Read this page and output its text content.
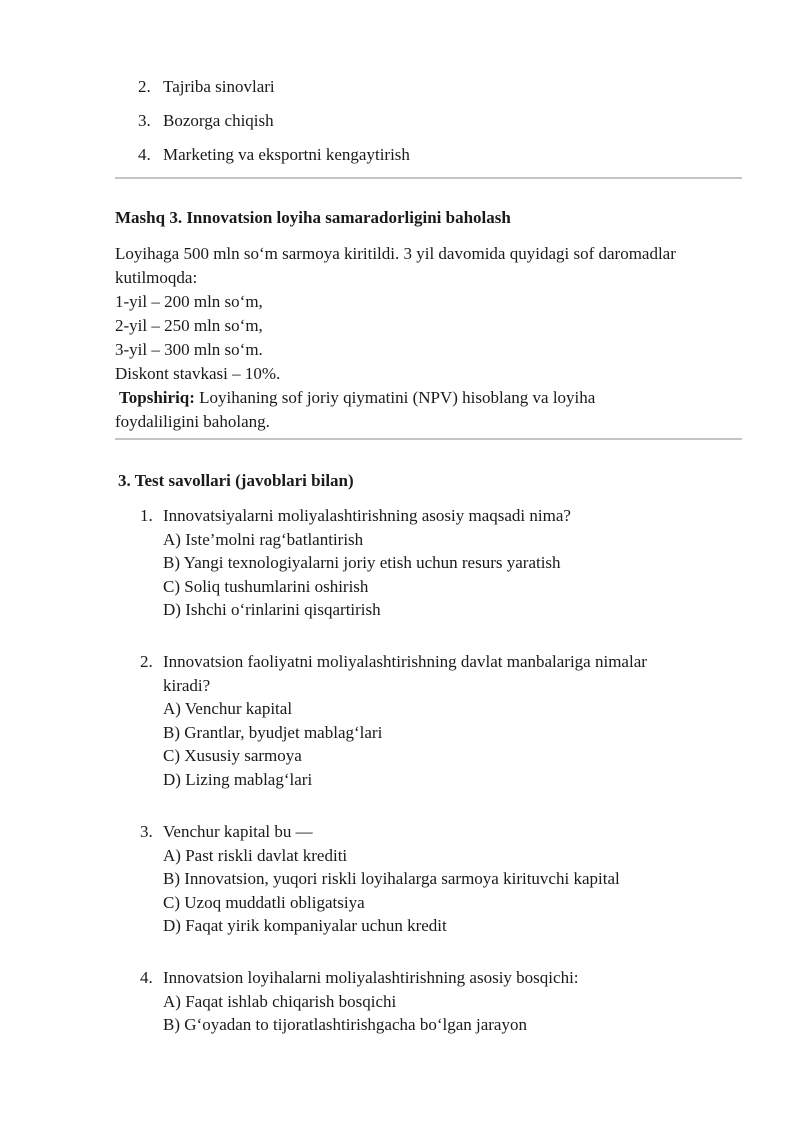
2. Tajriba sinovlari
3. Bozorga chiqish
4. Marketing va eksportni kengaytirish
Mashq 3. Innovatsion loyiha samaradorligini baholash
Loyihaga 500 mln so‘m sarmoya kiritildi. 3 yil davomida quyidagi sof daromadlar
kutilmoqda:
1-yil – 200 mln so‘m,
2-yil – 250 mln so‘m,
3-yil – 300 mln so‘m.
Diskont stavkasi – 10%.
Topshiriq: Loyihaning sof joriy qiymatini (NPV) hisoblang va loyiha
foydaliligini baholang.
3. Test savollari (javoblari bilan)
1. Innovatsiyalarni moliyalashtirishning asosiy maqsadi nima?
A) Iste’molni rag‘batlantirish
B) Yangi texnologiyalarni joriy etish uchun resurs yaratish
C) Soliq tushumlarini oshirish
D) Ishchi o‘rinlarini qisqartirish
2. Innovatsion faoliyatni moliyalashtirishning davlat manbalariga nimalar
kiradi?
A) Venchur kapital
B) Grantlar, byudjet mablag‘lari
C) Xususiy sarmoya
D) Lizing mablag‘lari
3. Venchur kapital bu —
A) Past riskli davlat krediti
B) Innovatsion, yuqori riskli loyihalarga sarmoya kirituvchi kapital
C) Uzoq muddatli obligatsiya
D) Faqat yirik kompaniyalar uchun kredit
4. Innovatsion loyihalarni moliyalashtirishning asosiy bosqichi:
A) Faqat ishlab chiqarish bosqichi
B) G‘oyadan to tijoratlashtirishgacha bo‘lgan jarayon
